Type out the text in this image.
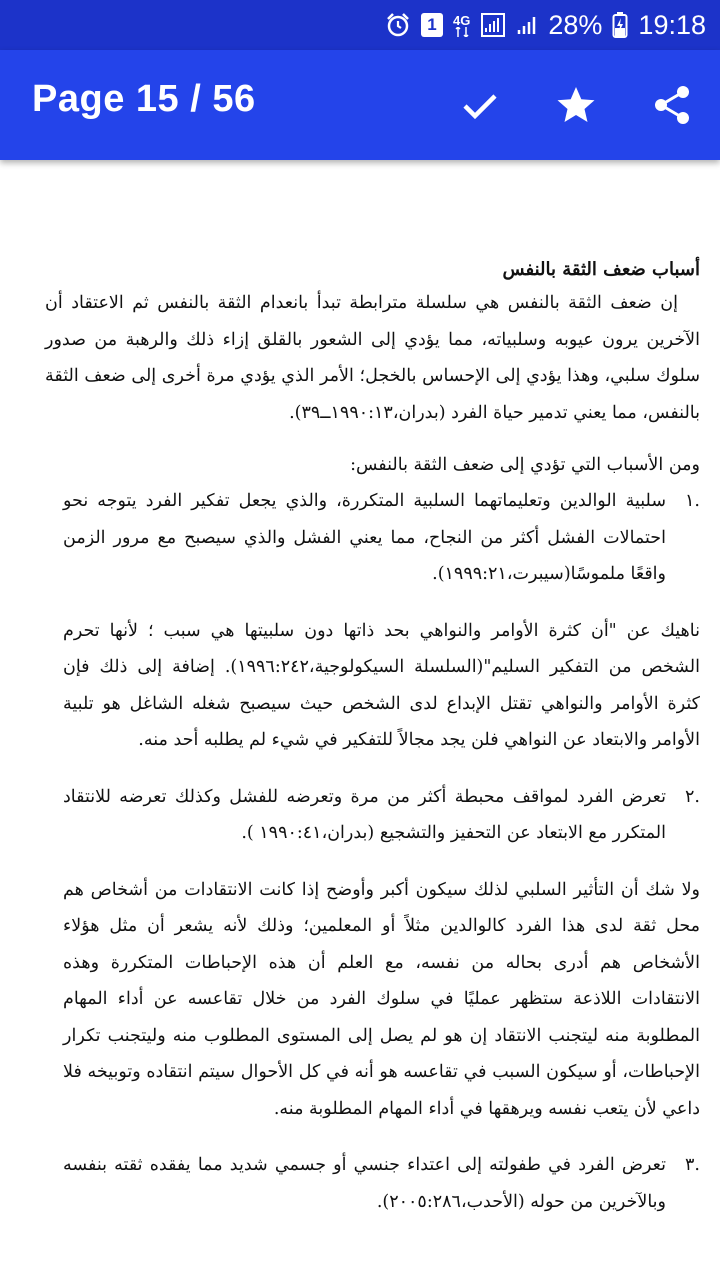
1	4G	28% 19:18
Page 15 / 56

أسباب ضعف الثقة بالنفس

إن ضعف الثقة بالنفس هي سلسلة مترابطة تبدأ بانعدام الثقة بالنفس ثم الاعتقاد أن الآخرين يرون عيوبه وسلبياته، مما يؤدي إلى الشعور بالقلق إزاء ذلك والرهبة من صدور سلوك سلبي، وهذا يؤدي إلى الإحساس بالخجل؛ الأمر الذي يؤدي مرة أخرى إلى ضعف الثقة بالنفس، مما يعني تدمير حياة الفرد (بدران،١٩٩٠:١٣ــ٣٩).

ومن الأسباب التي تؤدي إلى ضعف الثقة بالنفس:

.١
سلبية الوالدين وتعليماتهما السلبية المتكررة، والذي يجعل تفكير الفرد يتوجه نحو احتمالات الفشل أكثر من النجاح، مما يعني الفشل والذي سيصبح مع مرور الزمن واقعًا ملموسًا(سيبرت،١٩٩٩:٢١).

ناهيك عن "أن كثرة الأوامر والنواهي بحد ذاتها دون سلبيتها هي سبب ؛ لأنها تحرم الشخص من التفكير السليم"(السلسلة السيكولوجية،١٩٩٦:٢٤٢). إضافة إلى ذلك فإن كثرة الأوامر والنواهي تقتل الإبداع لدى الشخص حيث سيصبح شغله الشاغل هو تلبية الأوامر والابتعاد عن النواهي فلن يجد مجالاً للتفكير في شيء لم يطلبه أحد منه.

.٢
تعرض الفرد لمواقف محبطة أكثر من مرة وتعرضه للفشل وكذلك تعرضه للانتقاد المتكرر مع الابتعاد عن التحفيز والتشجيع (بدران،١٩٩٠:٤١ ).

ولا شك أن التأثير السلبي لذلك سيكون أكبر وأوضح إذا كانت الانتقادات من أشخاص هم محل ثقة لدى هذا الفرد كالوالدين مثلاً أو المعلمين؛ وذلك لأنه يشعر أن مثل هؤلاء الأشخاص هم أدرى بحاله من نفسه، مع العلم أن هذه الإحباطات المتكررة وهذه الانتقادات اللاذعة ستظهر عمليًا في سلوك الفرد من خلال تقاعسه عن أداء المهام المطلوبة منه ليتجنب الانتقاد إن هو لم يصل إلى المستوى المطلوب منه وليتجنب تكرار الإحباطات، أو سيكون السبب في تقاعسه هو أنه في كل الأحوال سيتم انتقاده وتوبيخه فلا داعي لأن يتعب نفسه ويرهقها في أداء المهام المطلوبة منه.

.٣
تعرض الفرد في طفولته إلى اعتداء جنسي أو جسمي شديد مما يفقده ثقته بنفسه وبالآخرين من حوله (الأحدب،٢٠٠٥:٢٨٦).
